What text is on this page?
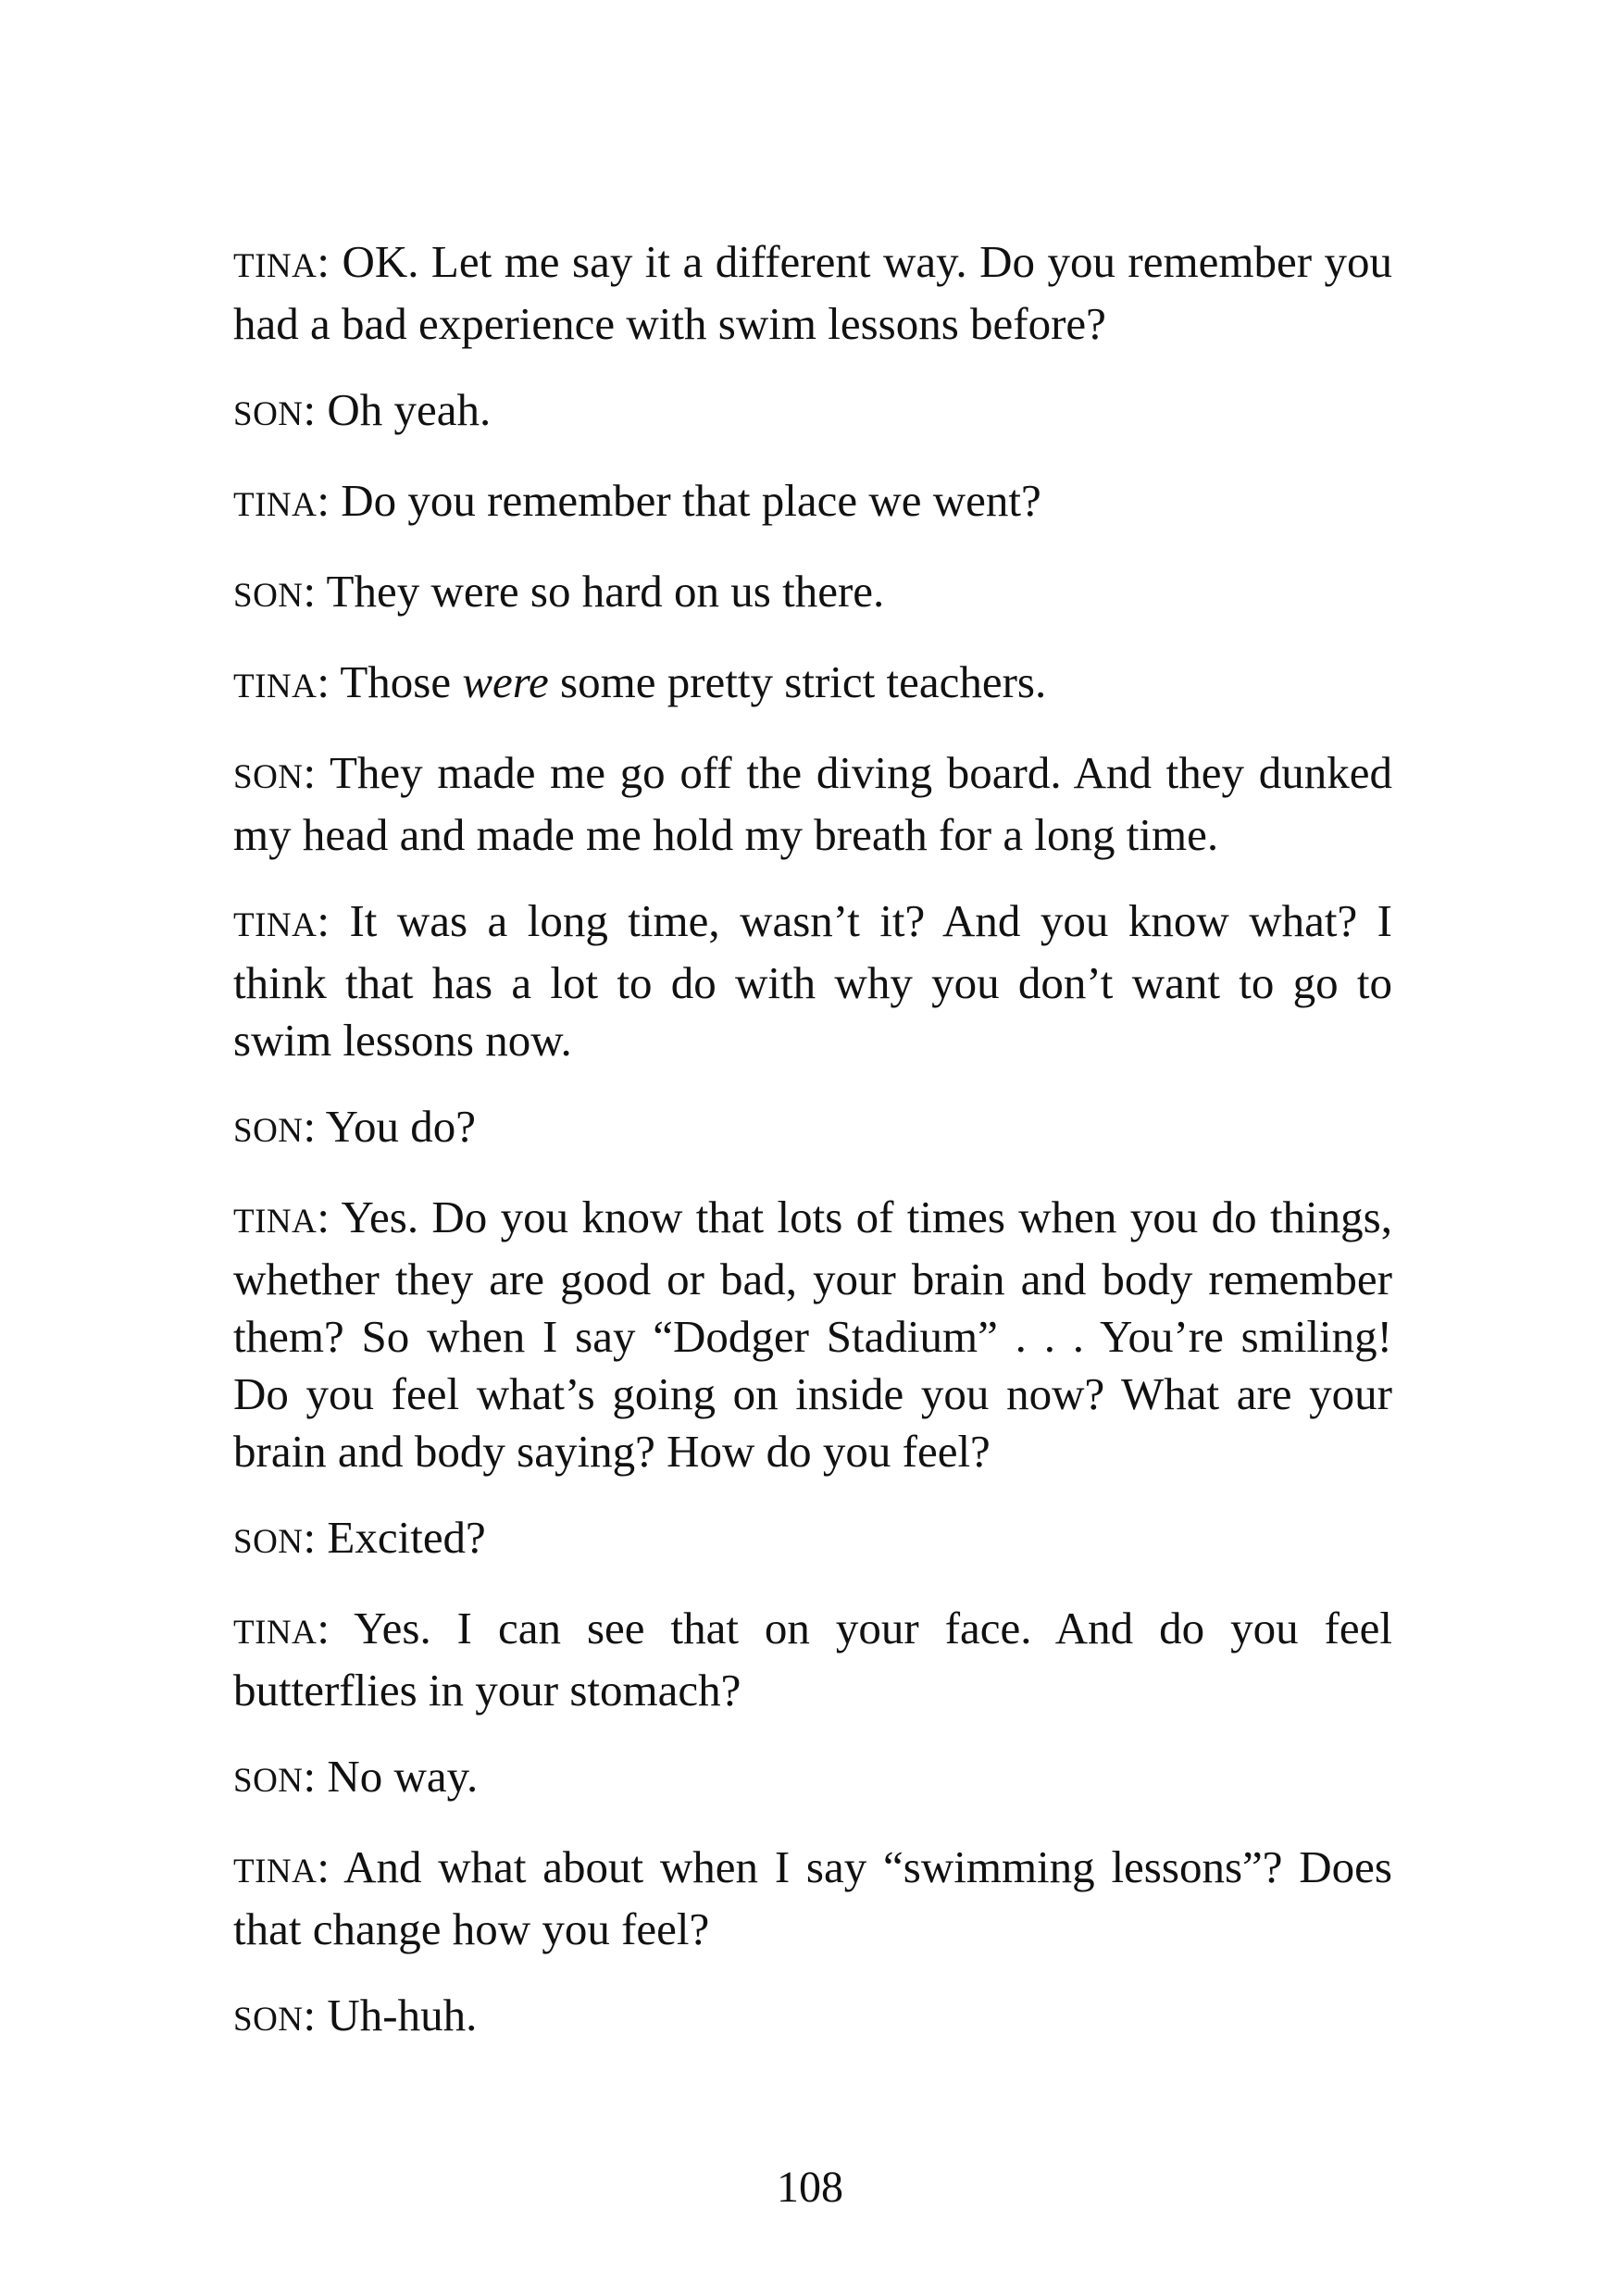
TINA: OK. Let me say it a different way. Do you remember you had a bad experience with swim lessons before?

SON: Oh yeah.

TINA: Do you remember that place we went?

SON: They were so hard on us there.

TINA: Those were some pretty strict teachers.

SON: They made me go off the diving board. And they dunked my head and made me hold my breath for a long time.

TINA: It was a long time, wasn’t it? And you know what? I think that has a lot to do with why you don’t want to go to swim lessons now.

SON: You do?

TINA: Yes. Do you know that lots of times when you do things, whether they are good or bad, your brain and body remember them? So when I say “Dodger Stadium” . . . You’re smiling! Do you feel what’s going on inside you now? What are your brain and body saying? How do you feel?

SON: Excited?

TINA: Yes. I can see that on your face. And do you feel butterflies in your stomach?

SON: No way.

TINA: And what about when I say “swimming lessons”? Does that change how you feel?

SON: Uh-huh.

108
